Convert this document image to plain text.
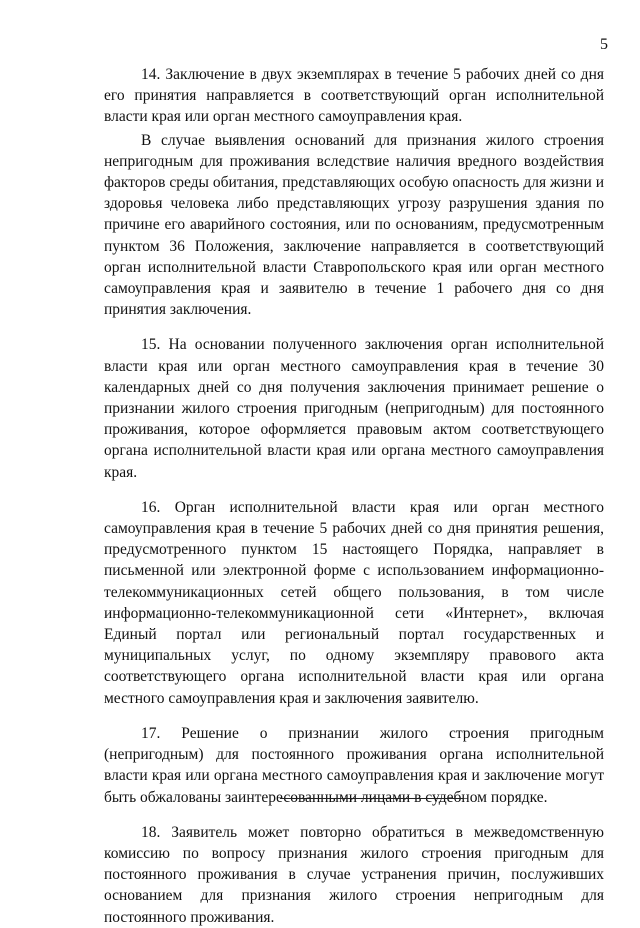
5

14. Заключение в двух экземплярах в течение 5 рабочих дней со дня его принятия направляется в соответствующий орган исполнительной власти края или орган местного самоуправления края.

В случае выявления оснований для признания жилого строения непригодным для проживания вследствие наличия вредного воздействия факторов среды обитания, представляющих особую опасность для жизни и здоровья человека либо представляющих угрозу разрушения здания по причине его аварийного состояния, или по основаниям, предусмотренным пунктом 36 Положения, заключение направляется в соответствующий орган исполнительной власти Ставропольского края или орган местного самоуправления края и заявителю в течение 1 рабочего дня со дня принятия заключения.

15. На основании полученного заключения орган исполнительной власти края или орган местного самоуправления края в течение 30 календарных дней со дня получения заключения принимает решение о признании жилого строения пригодным (непригодным) для постоянного проживания, которое оформляется правовым актом соответствующего органа исполнительной власти края или органа местного самоуправления края.

16. Орган исполнительной власти края или орган местного самоуправления края в течение 5 рабочих дней со дня принятия решения, предусмотренного пунктом 15 настоящего Порядка, направляет в письменной или электронной форме с использованием информационно-телекоммуникационных сетей общего пользования, в том числе информационно-телекоммуникационной сети «Интернет», включая Единый портал или региональный портал государственных и муниципальных услуг, по одному экземпляру правового акта соответствующего органа исполнительной власти края или органа местного самоуправления края и заключения заявителю.

17. Решение о признании жилого строения пригодным (непригодным) для постоянного проживания органа исполнительной власти края или органа местного самоуправления края и заключение могут быть обжалованы заинтересованными лицами в судебном порядке.

18. Заявитель может повторно обратиться в межведомственную комиссию по вопросу признания жилого строения пригодным для постоянного проживания в случае устранения причин, послуживших основанием для признания жилого строения непригодным для постоянного проживания.
